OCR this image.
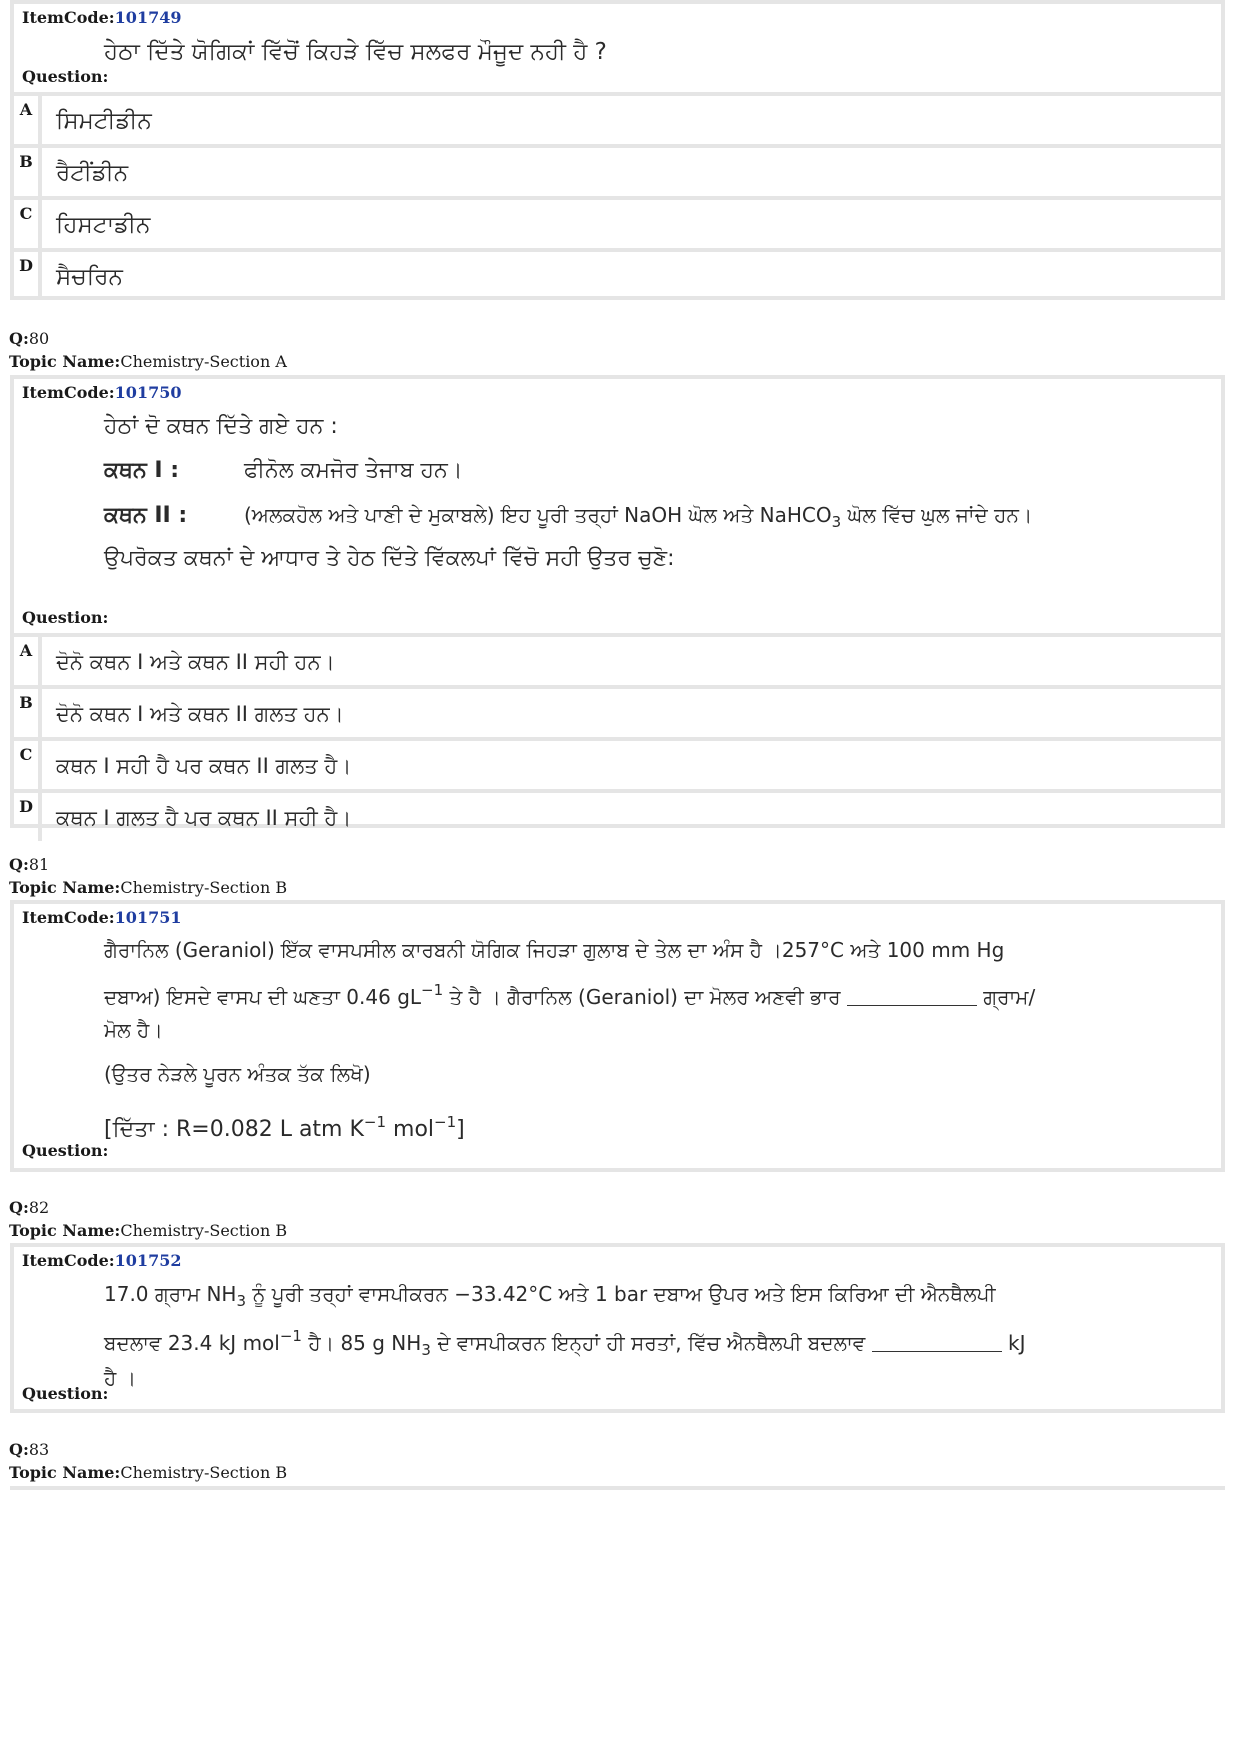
ItemCode:101749
Question:
ਹੇਠਾ ਦਿੱਤੇ ਯੋਗਿਕਾਂ ਵਿੱਚੋਂ ਕਿਹੜੇ ਵਿੱਚ ਸਲਫਰ ਮੌਜੂਦ ਨਹੀ ਹੈ ?
A	ਸਿਮਟੀਡੀਨ
B	ਰੈਟੀਂਡੀਨ
C	ਹਿਸਟਾਡੀਨ
D	ਸੈਚਰਿਨ
Q:80
Topic Name:Chemistry-Section A
ItemCode:101750
Question:
ਹੇਠਾਂ ਦੋ ਕਥਨ ਦਿੱਤੇ ਗਏ ਹਨ :
ਕਥਨ I :	ਫੀਨੋਲ ਕਮਜੋਰ ਤੇਜਾਬ ਹਨ।
ਕਥਨ II :	(ਅਲਕਹੋਲ ਅਤੇ ਪਾਣੀ ਦੇ ਮੁਕਾਬਲੇ) ਇਹ ਪੂਰੀ ਤਰ੍ਹਾਂ NaOH ਘੋਲ ਅਤੇ NaHCO$_3$ ਘੋਲ ਵਿੱਚ ਘੁਲ ਜਾਂਦੇ ਹਨ।
ਉਪਰੋਕਤ ਕਥਨਾਂ ਦੇ ਆਧਾਰ ਤੇ ਹੇਠ ਦਿੱਤੇ ਵਿੱਕਲਪਾਂ ਵਿੱਚੋ ਸਹੀ ਉਤਰ ਚੁਣੋ:
A	ਦੋਨੋ ਕਥਨ I ਅਤੇ ਕਥਨ II ਸਹੀ ਹਨ।
B	ਦੋਨੋ ਕਥਨ I ਅਤੇ ਕਥਨ II ਗਲਤ ਹਨ।
C	ਕਥਨ I ਸਹੀ ਹੈ ਪਰ ਕਥਨ II ਗਲਤ ਹੈ।
D	ਕਥਨ I ਗਲਤ ਹੈ ਪਰ ਕਥਨ II ਸਹੀ ਹੈ।
Q:81
Topic Name:Chemistry-Section B
ItemCode:101751
Question:
ਗੈਰਾਨਿਲ (Geraniol) ਇੱਕ ਵਾਸਪਸੀਲ ਕਾਰਬਨੀ ਯੋਗਿਕ ਜਿਹੜਾ ਗੁਲਾਬ ਦੇ ਤੇਲ ਦਾ ਅੰਸ ਹੈ ।257°C ਅਤੇ 100 mm Hg
ਦਬਾਅ) ਇਸਦੇ ਵਾਸਪ ਦੀ ਘਣਤਾ 0.46 $gL^{-1}$ ਤੇ ਹੈ । ਗੈਰਾਨਿਲ (Geraniol) ਦਾ ਮੋਲਰ ਅਣਵੀ ਭਾਰ	ਗ੍ਰਾਮ/
ਮੋਲ ਹੈ।
(ਉਤਰ ਨੇੜਲੇ ਪੂਰਨ ਅੰਤਕ ਤੱਕ ਲਿਖੋ)
[ਦਿੱਤਾ : R=0.082 L atm $K^{-1}$ mol$^{-1}$]
Q:82
Topic Name:Chemistry-Section B
ItemCode:101752
Question:
17.0 ਗ੍ਰਾਮ $NH_3$ ਨੂੰ ਪੂਰੀ ਤਰ੍ਹਾਂ ਵਾਸਪੀਕਰਨ −33.42°C ਅਤੇ 1 bar ਦਬਾਅ ਉਪਰ ਅਤੇ ਇਸ ਕਿਰਿਆ ਦੀ ਐਨਥੈਲਪੀ
ਬਦਲਾਵ 23.4 kJ mol$^{-1}$ ਹੈ। 85 g $NH_3$ ਦੇ ਵਾਸਪੀਕਰਨ ਇਨ੍ਹਾਂ ਹੀ ਸਰਤਾਂ, ਵਿੱਚ ਐਨਥੈਲਪੀ ਬਦਲਾਵ	kJ
ਹੈ ।
Q:83
Topic Name:Chemistry-Section B
